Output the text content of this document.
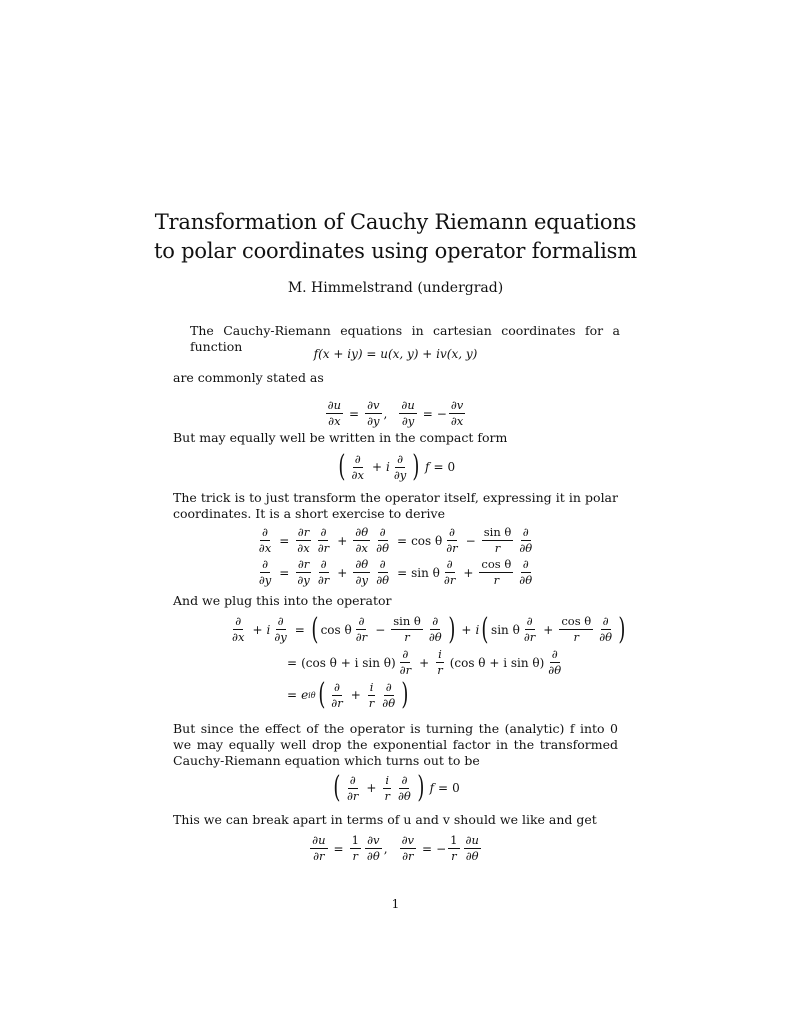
Transformation of Cauchy Riemann equations
to polar coordinates using operator formalism
M. Himmelstrand (undergrad)
The Cauchy-Riemann equations in cartesian coordinates for a function	f(x + iy) = u(x, y) + iv(x, y)
are commonly stated as
$\frac{\partial u}{\partial x} = \frac{\partial v}{\partial y}$ , $\frac{\partial u}{\partial y}$ = − $\frac{\partial v}{\partial x}$
But may equally well be written in the compact form
( $\frac{\partial}{\partial x} + i \frac{\partial}{\partial y}$ ) f = 0
The trick is to just transform the operator itself, expressing it in polar coordinates. It is a short exercise to derive
$\frac{\partial}{\partial x} = \frac{\partial r}{\partial x} \frac{\partial}{\partial r} + \frac{\partial\theta}{\partial x} \frac{\partial}{\partial\theta} = \cos \theta \frac{\partial}{\partial r} - \frac{\text{sin θ}}{r} \frac{\partial}{\partial\theta}$
$\frac{\partial}{\partial y} = \frac{\partial r}{\partial y} \frac{\partial}{\partial r} + \frac{\partial\theta}{\partial y} \frac{\partial}{\partial\theta} = \sin \theta \frac{\partial}{\partial r} + \frac{\text{cos θ}}{r} \frac{\partial}{\partial\theta}$
And we plug this into the operator
$\frac{\partial}{\partial x} + i \frac{\partial}{\partial y}$ = ( cos θ $\frac{\partial}{\partial r} - \frac{\text{sin θ}}{r} \frac{\partial}{\partial\theta}$ ) + i ( sin θ $\frac{\partial}{\partial r} + \frac{\text{cos θ}}{r} \frac{\partial}{\partial\theta}$ )
= (cos θ + i $\sin \theta) \frac{\partial}{\partial r} + \frac{i}{r} (\cos$ θ + i $\sin \theta) \frac{\partial}{\partial\theta}$
= e iθ ( $\frac{\partial}{\partial r} + \frac{i}{r} \frac{\partial}{\partial\theta}$ )
But since the effect of the operator is turning the (analytic) f into 0 we may equally well drop the exponential factor in the transformed Cauchy-Riemann equation which turns out to be
( $\frac{\partial}{\partial r} + \frac{i}{r} \frac{\partial}{\partial\theta}$ ) f = 0
This we can break apart in terms of u and v should we like and get
$\frac{\partial u}{\partial r} = \frac{1}{r} \frac{\partial v}{\partial\theta}$ , $\frac{\partial v}{\partial r}$ = − $\frac{1}{r} \frac{\partial u}{\partial\theta}$
1
